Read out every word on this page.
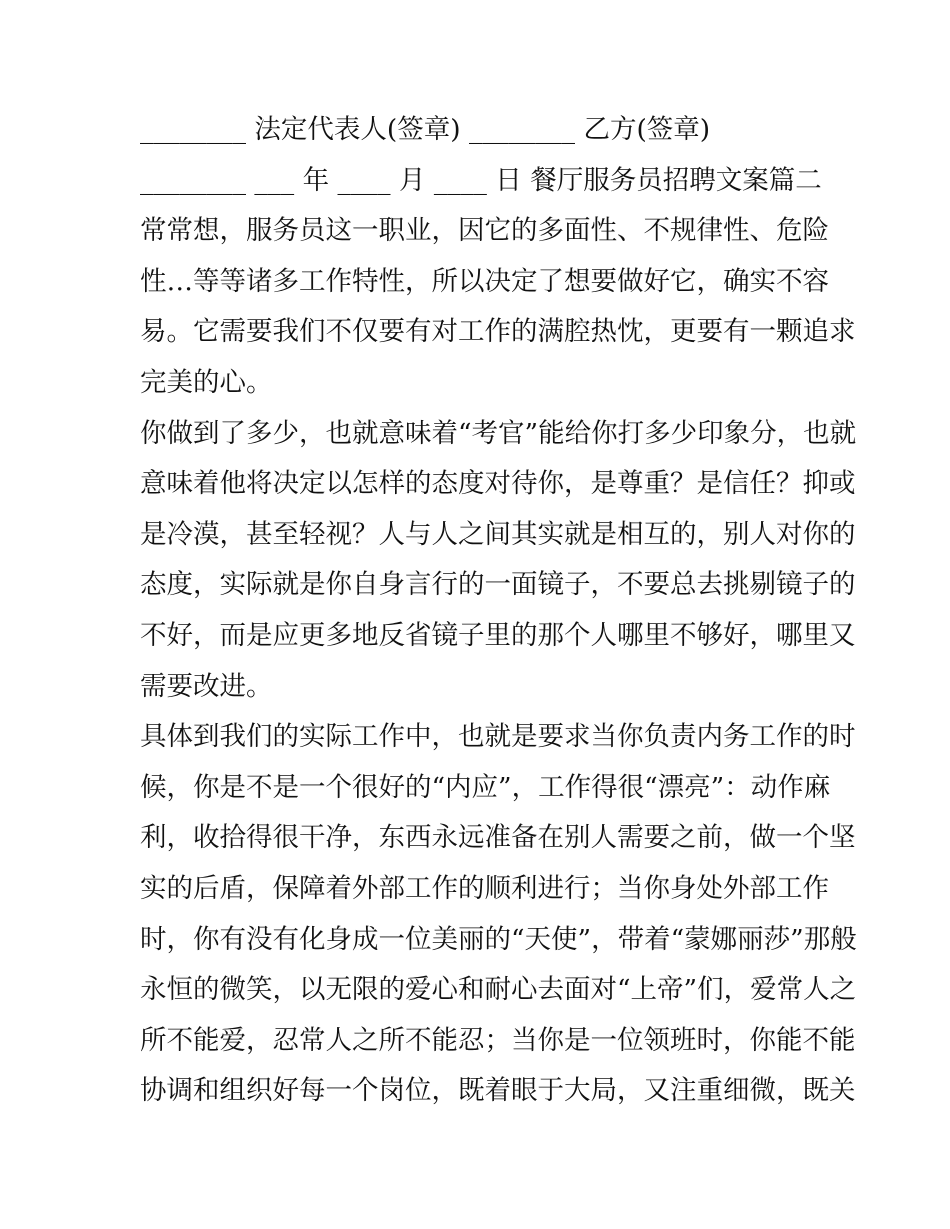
________ 法定代表人(签章) ________ 乙方(签章)
________ ___ 年 ____ 月 ____ 日 餐厅服务员招聘文案篇二
常常想，服务员这一职业，因它的多面性、不规律性、危险
性…等等诸多工作特性，所以决定了想要做好它，确实不容
易。它需要我们不仅要有对工作的满腔热忱，更要有一颗追求
完美的心。
你做到了多少，也就意味着“考官”能给你打多少印象分，也就
意味着他将决定以怎样的态度对待你，是尊重？是信任？抑或
是冷漠，甚至轻视？人与人之间其实就是相互的，别人对你的
态度，实际就是你自身言行的一面镜子，不要总去挑剔镜子的
不好，而是应更多地反省镜子里的那个人哪里不够好，哪里又
需要改进。
具体到我们的实际工作中，也就是要求当你负责内务工作的时
候，你是不是一个很好的“内应”，工作得很“漂亮”：动作麻
利，收拾得很干净，东西永远准备在别人需要之前，做一个坚
实的后盾，保障着外部工作的顺利进行；当你身处外部工作
时，你有没有化身成一位美丽的“天使”，带着“蒙娜丽莎”那般
永恒的微笑，以无限的爱心和耐心去面对“上帝”们，爱常人之
所不能爱，忍常人之所不能忍；当你是一位领班时，你能不能
协调和组织好每一个岗位，既着眼于大局，又注重细微，既关
